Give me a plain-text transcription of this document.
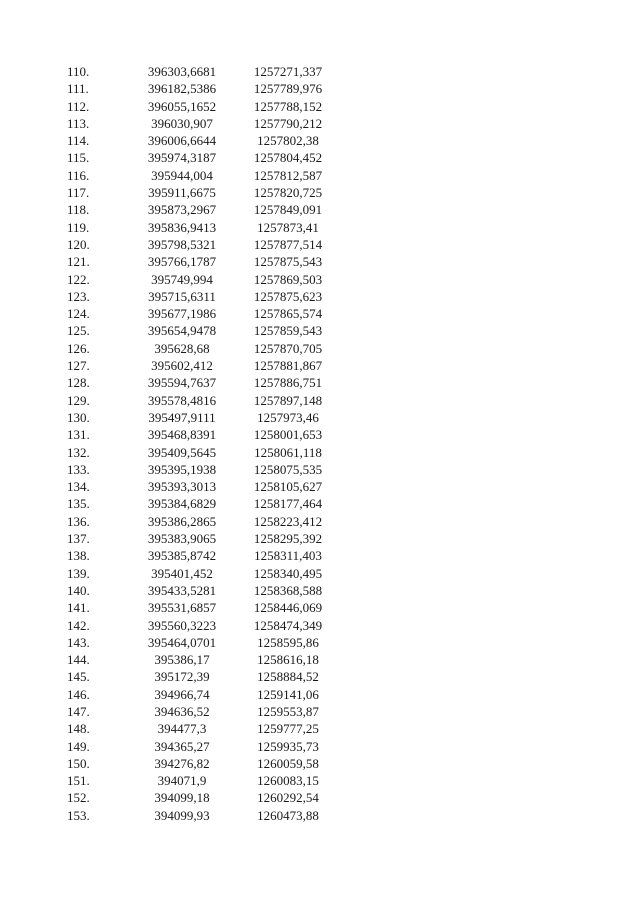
110.	396303,6681	1257271,337
111.	396182,5386	1257789,976
112.	396055,1652	1257788,152
113.	396030,907	1257790,212
114.	396006,6644	1257802,38
115.	395974,3187	1257804,452
116.	395944,004	1257812,587
117.	395911,6675	1257820,725
118.	395873,2967	1257849,091
119.	395836,9413	1257873,41
120.	395798,5321	1257877,514
121.	395766,1787	1257875,543
122.	395749,994	1257869,503
123.	395715,6311	1257875,623
124.	395677,1986	1257865,574
125.	395654,9478	1257859,543
126.	395628,68	1257870,705
127.	395602,412	1257881,867
128.	395594,7637	1257886,751
129.	395578,4816	1257897,148
130.	395497,9111	1257973,46
131.	395468,8391	1258001,653
132.	395409,5645	1258061,118
133.	395395,1938	1258075,535
134.	395393,3013	1258105,627
135.	395384,6829	1258177,464
136.	395386,2865	1258223,412
137.	395383,9065	1258295,392
138.	395385,8742	1258311,403
139.	395401,452	1258340,495
140.	395433,5281	1258368,588
141.	395531,6857	1258446,069
142.	395560,3223	1258474,349
143.	395464,0701	1258595,86
144.	395386,17	1258616,18
145.	395172,39	1258884,52
146.	394966,74	1259141,06
147.	394636,52	1259553,87
148.	394477,3	1259777,25
149.	394365,27	1259935,73
150.	394276,82	1260059,58
151.	394071,9	1260083,15
152.	394099,18	1260292,54
153.	394099,93	1260473,88
